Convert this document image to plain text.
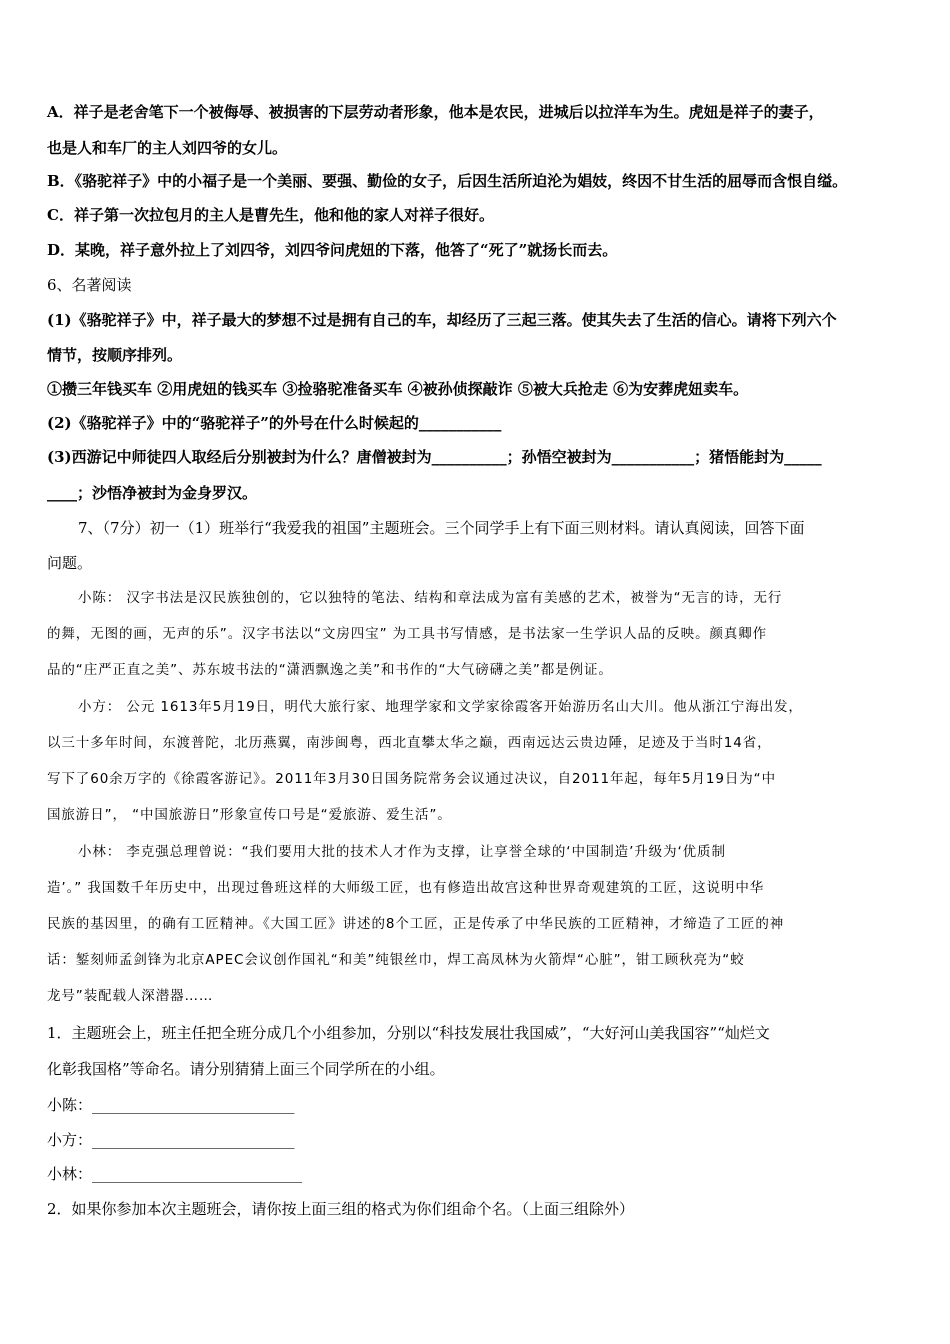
A．祥子是老舍笔下一个被侮辱、被损害的下层劳动者形象，他本是农民，进城后以拉洋车为生。虎妞是祥子的妻子，
也是人和车厂的主人刘四爷的女儿。
B．《骆驼祥子》中的小福子是一个美丽、要强、勤俭的女子，后因生活所迫沦为娼妓，终因不甘生活的屈辱而含恨自缢。
C．祥子第一次拉包月的主人是曹先生，他和他的家人对祥子很好。
D．某晚，祥子意外拉上了刘四爷，刘四爷问虎妞的下落，他答了“死了”就扬长而去。
6、名著阅读
(1)《骆驼祥子》中，祥子最大的梦想不过是拥有自己的车，却经历了三起三落。使其失去了生活的信心。请将下列六个
情节，按顺序排列。
①攒三年钱买车 ②用虎妞的钱买车 ③捡骆驼准备买车 ④被孙侦探敲诈 ⑤被大兵抢走 ⑥为安葬虎妞卖车。
(2)《骆驼祥子》中的“骆驼祥子”的外号在什么时候起的___________
(3)西游记中师徒四人取经后分别被封为什么？唐僧被封为__________；孙悟空被封为___________；猪悟能封为_____
____；沙悟净被封为金身罗汉。
7、（7分）初一（1）班举行“我爱我的祖国”主题班会。三个同学手上有下面三则材料。请认真阅读，回答下面
问题。
小陈： 汉字书法是汉民族独创的，它以独特的笔法、结构和章法成为富有美感的艺术，被誉为“无言的诗，无行
的舞，无图的画，无声的乐”。汉字书法以“文房四宝” 为工具书写情感，是书法家一生学识人品的反映。颜真卿作
品的“庄严正直之美”、苏东坡书法的“潇洒飘逸之美”和书作的“大气磅礴之美”都是例证。
小方： 公元 1613年5月19日，明代大旅行家、地理学家和文学家徐霞客开始游历名山大川。他从浙江宁海出发，
以三十多年时间，东渡普陀，北历燕翼，南涉闽粤，西北直攀太华之巅，西南远达云贵边陲，足迹及于当时14省，
写下了60余万字的《徐霞客游记》。2011年3月30日国务院常务会议通过决议，自2011年起，每年5月19日为“中
国旅游日”， “中国旅游日”形象宣传口号是“爱旅游、爱生活”。
小林： 李克强总理曾说：“我们要用大批的技术人才作为支撑，让享誉全球的‘中国制造’升级为‘优质制
造’。” 我国数千年历史中，出现过鲁班这样的大师级工匠，也有修造出故宫这种世界奇观建筑的工匠，这说明中华
民族的基因里，的确有工匠精神。《大国工匠》讲述的8个工匠，正是传承了中华民族的工匠精神，才缔造了工匠的神
话：錾刻师孟剑锋为北京APEC会议创作国礼“和美”纯银丝巾，焊工高凤林为火箭焊“心脏”，钳工顾秋亮为“蛟
龙号”装配载人深潜器……
1．主题班会上，班主任把全班分成几个小组参加，分别以“科技发展壮我国威”，“大好河山美我国容”“灿烂文
化彰我国格”等命名。请分别猜猜上面三个同学所在的小组。
小陈：___________________________
小方：___________________________
小林：____________________________
2．如果你参加本次主题班会，请你按上面三组的格式为你们组命个名。（上面三组除外）
